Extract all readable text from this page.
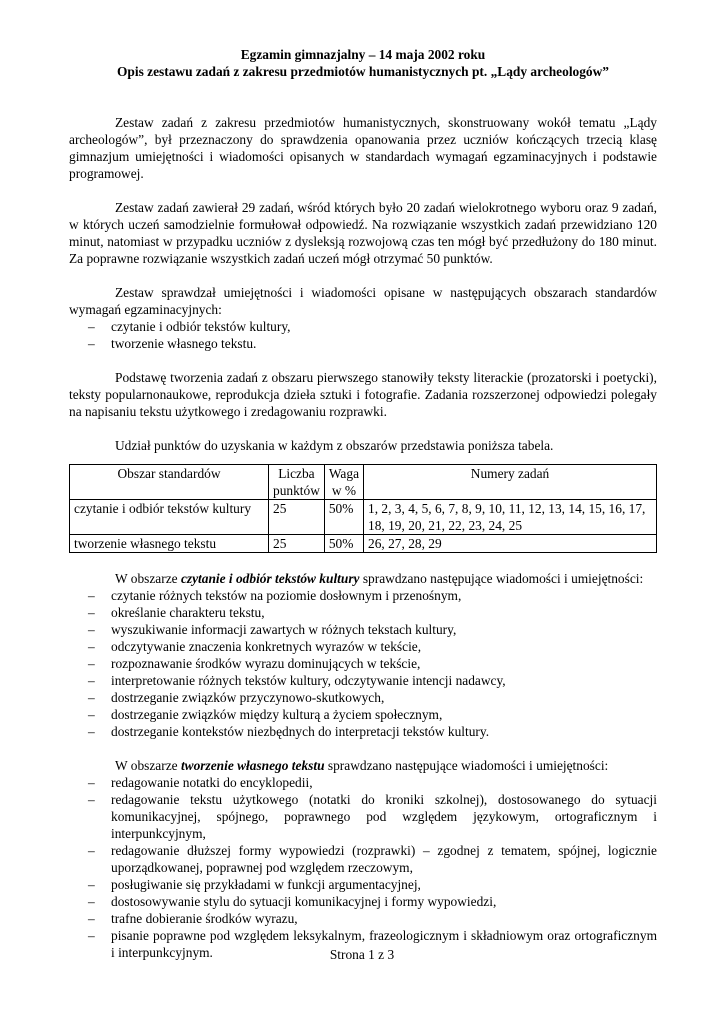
Egzamin gimnazjalny – 14 maja 2002 roku
Opis zestawu zadań z zakresu przedmiotów humanistycznych pt. „Lądy archeologów”

Zestaw zadań z zakresu przedmiotów humanistycznych, skonstruowany wokół tematu „Lądy archeologów”, był przeznaczony do sprawdzenia opanowania przez uczniów kończących trzecią klasę gimnazjum umiejętności i wiadomości opisanych w standardach wymagań egzaminacyjnych i podstawie programowej.

Zestaw zadań zawierał 29 zadań, wśród których było 20 zadań wielokrotnego wyboru oraz 9 zadań, w których uczeń samodzielnie formułował odpowiedź. Na rozwiązanie wszystkich zadań przewidziano 120 minut, natomiast w przypadku uczniów z dysleksją rozwojową czas ten mógł być przedłużony do 180 minut. Za poprawne rozwiązanie wszystkich zadań uczeń mógł otrzymać 50 punktów.

Zestaw sprawdzał umiejętności i wiadomości opisane w następujących obszarach standardów wymagań egzaminacyjnych:

– czytanie i odbiór tekstów kultury,
– tworzenie własnego tekstu.

Podstawę tworzenia zadań z obszaru pierwszego stanowiły teksty literackie (prozatorski i poetycki), teksty popularnonaukowe, reprodukcja dzieła sztuki i fotografie. Zadania rozszerzonej odpowiedzi polegały na napisaniu tekstu użytkowego i zredagowaniu rozprawki.

Udział punktów do uzyskania w każdym z obszarów przedstawia poniższa tabela.

Obszar standardów	Liczba punktów	Waga w %	Numery zadań
czytanie i odbiór tekstów kultury	25	50%	1, 2, 3, 4, 5, 6, 7, 8, 9, 10, 11, 12, 13, 14, 15, 16, 17, 18, 19, 20, 21, 22, 23, 24, 25
tworzenie własnego tekstu	25	50%	26, 27, 28, 29

W obszarze czytanie i odbiór tekstów kultury sprawdzano następujące wiadomości i umiejętności:

– czytanie różnych tekstów na poziomie dosłownym i przenośnym,
– określanie charakteru tekstu,
– wyszukiwanie informacji zawartych w różnych tekstach kultury,
– odczytywanie znaczenia konkretnych wyrazów w tekście,
– rozpoznawanie środków wyrazu dominujących w tekście,
– interpretowanie różnych tekstów kultury, odczytywanie intencji nadawcy,
– dostrzeganie związków przyczynowo-skutkowych,
– dostrzeganie związków między kulturą a życiem społecznym,
– dostrzeganie kontekstów niezbędnych do interpretacji tekstów kultury.

W obszarze tworzenie własnego tekstu sprawdzano następujące wiadomości i umiejętności:

– redagowanie notatki do encyklopedii,
– redagowanie tekstu użytkowego (notatki do kroniki szkolnej), dostosowanego do sytuacji komunikacyjnej, spójnego, poprawnego pod względem językowym, ortograficznym i interpunkcyjnym,
– redagowanie dłuższej formy wypowiedzi (rozprawki) – zgodnej z tematem, spójnej, logicznie uporządkowanej, poprawnej pod względem rzeczowym,
– posługiwanie się przykładami w funkcji argumentacyjnej,
– dostosowywanie stylu do sytuacji komunikacyjnej i formy wypowiedzi,
– trafne dobieranie środków wyrazu,
– pisanie poprawne pod względem leksykalnym, frazeologicznym i składniowym oraz ortograficznym i interpunkcyjnym.	Strona 1 z 3
